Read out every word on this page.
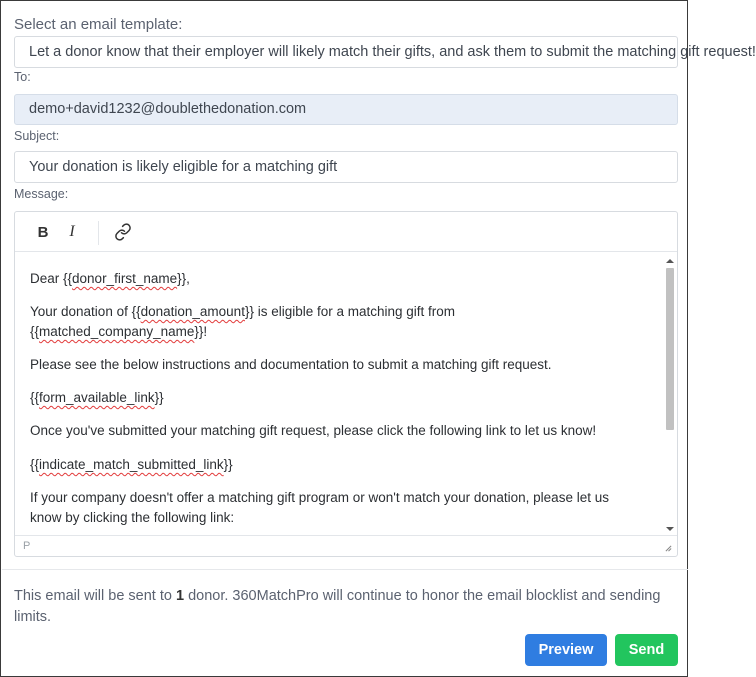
Select an email template:
Let a donor know that their employer will likely match their gifts, and ask them to submit the matching gift request!
To:
demo+david1232@doublethedonation.com
Subject:
Your donation is likely eligible for a matching gift
Message:
B	I
Dear {{donor_first_name}},
Your donation of {{donation_amount}} is eligible for a matching gift from
{{matched_company_name}}!
Please see the below instructions and documentation to submit a matching gift request.
{{form_available_link}}
Once you've submitted your matching gift request, please click the following link to let us know!
{{indicate_match_submitted_link}}
If your company doesn't offer a matching gift program or won't match your donation, please let us
know by clicking the following link:
P
This email will be sent to 1 donor. 360MatchPro will continue to honor the email blocklist and sending limits.
Preview	Send
